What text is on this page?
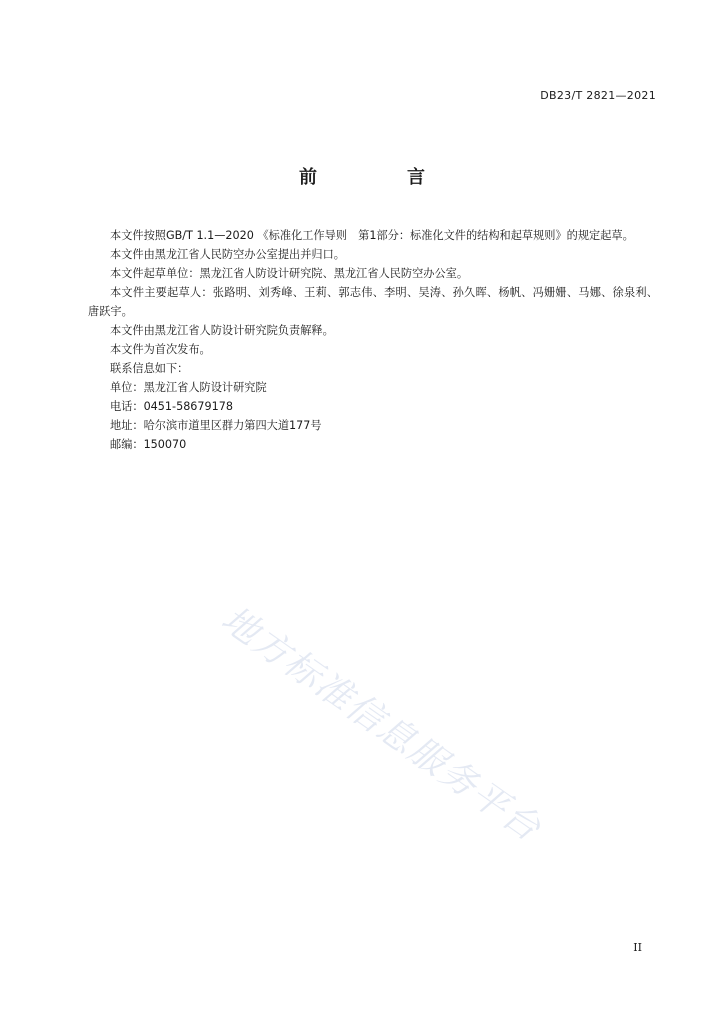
DB23/T 2821—2021
前　言

本文件按照GB/T 1.1—2020 《标准化工作导则　第1部分：标准化文件的结构和起草规则》的规定起草。

本文件由黑龙江省人民防空办公室提出并归口。

本文件起草单位：黑龙江省人防设计研究院、黑龙江省人民防空办公室。

本文件主要起草人：张路明、刘秀峰、王莉、郭志伟、李明、吴涛、孙久晖、杨帆、冯姗姗、马娜、徐泉利、唐跃宇。

本文件由黑龙江省人防设计研究院负责解释。

本文件为首次发布。

联系信息如下：

单位：黑龙江省人防设计研究院

电话：0451-58679178

地址：哈尔滨市道里区群力第四大道177号

邮编：150070

地方标准信息服务平台
II
